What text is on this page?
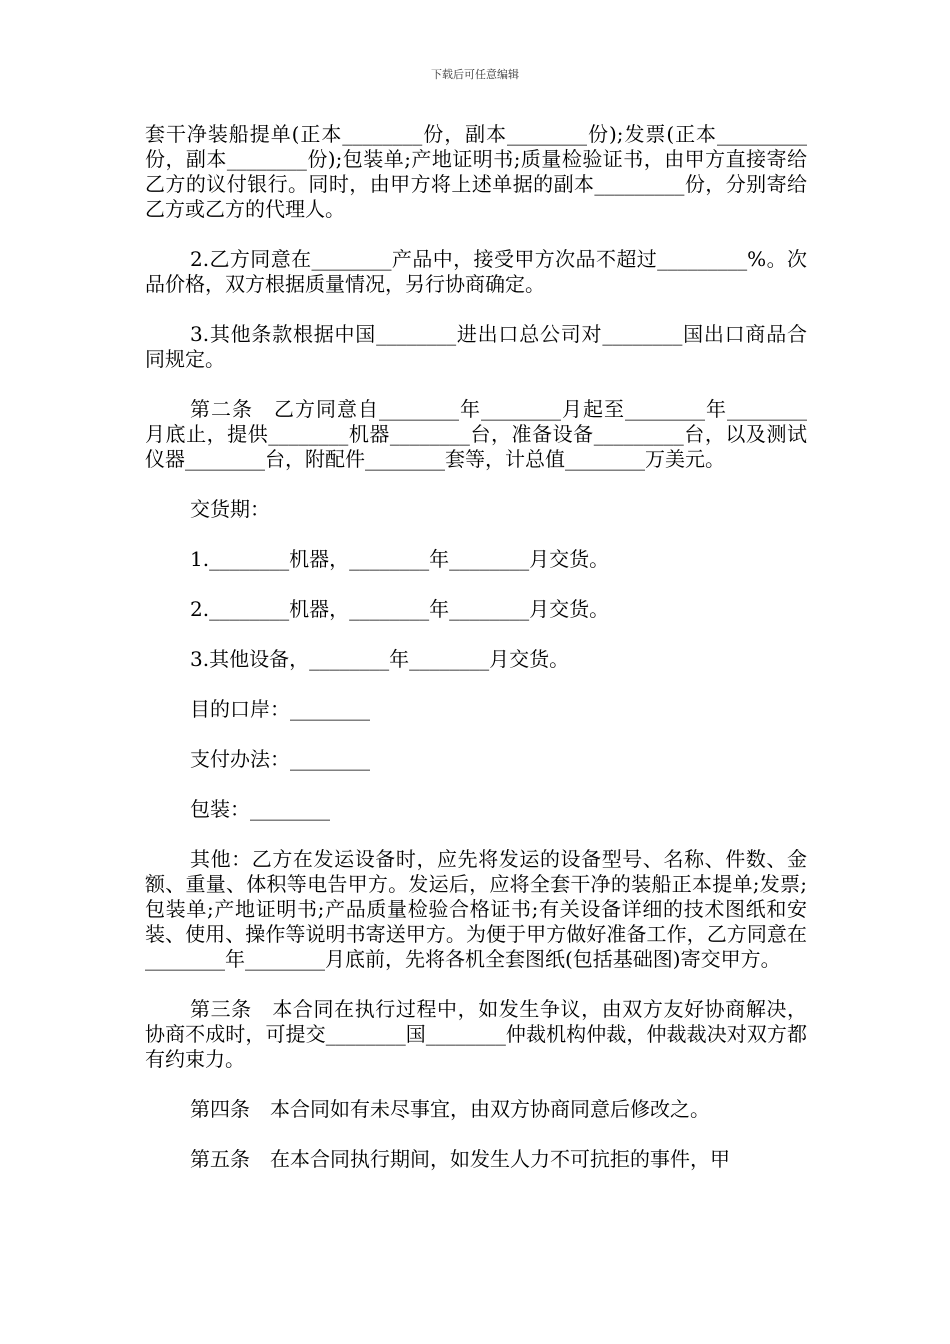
下载后可任意编辑

套干净装船提单(正本________份，副本________份);发票(正本_________份，副本________份);包装单;产地证明书;质量检验证书，由甲方直接寄给乙方的议付银行。同时，由甲方将上述单据的副本_________份，分别寄给乙方或乙方的代理人。

2.乙方同意在________产品中，接受甲方次品不超过_________%。次品价格，双方根据质量情况，另行协商确定。

3.其他条款根据中国________进出口总公司对________国出口商品合同规定。

第二条　乙方同意自________年________月起至________年________月底止，提供________机器________台，准备设备_________台，以及测试仪器________台，附配件________套等，计总值________万美元。

交货期：

1.________机器，________年________月交货。

2.________机器，________年________月交货。

3.其他设备，________年________月交货。

目的口岸：________

支付办法：________

包装：________

其他：乙方在发运设备时，应先将发运的设备型号、名称、件数、金额、重量、体积等电告甲方。发运后，应将全套干净的装船正本提单;发票;包装单;产地证明书;产品质量检验合格证书;有关设备详细的技术图纸和安装、使用、操作等说明书寄送甲方。为便于甲方做好准备工作，乙方同意在________年________月底前，先将各机全套图纸(包括基础图)寄交甲方。

第三条　本合同在执行过程中，如发生争议，由双方友好协商解决，协商不成时，可提交________国________仲裁机构仲裁，仲裁裁决对双方都有约束力。

第四条　本合同如有未尽事宜，由双方协商同意后修改之。

第五条　在本合同执行期间，如发生人力不可抗拒的事件，甲
